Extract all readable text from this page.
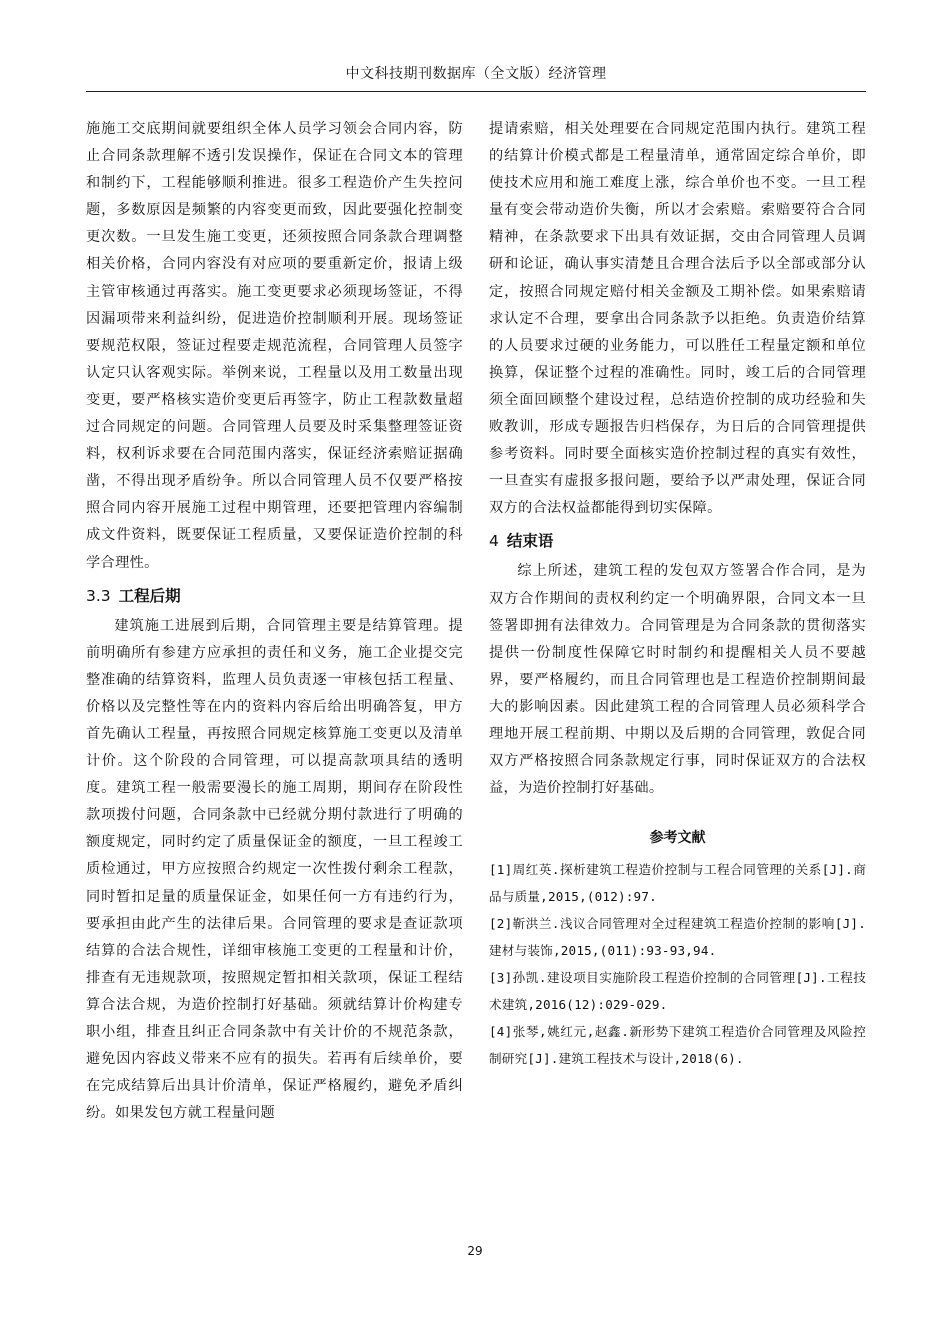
中文科技期刊数据库（全文版）经济管理

施施工交底期间就要组织全体人员学习领会合同内容，防止合同条款理解不透引发误操作，保证在合同文本的管理和制约下，工程能够顺利推进。很多工程造价产生失控问题，多数原因是频繁的内容变更而致，因此要强化控制变更次数。一旦发生施工变更，还须按照合同条款合理调整相关价格，合同内容没有对应项的要重新定价，报请上级主管审核通过再落实。施工变更要求必须现场签证，不得因漏项带来利益纠纷，促进造价控制顺利开展。现场签证要规范权限，签证过程要走规范流程，合同管理人员签字认定只认客观实际。举例来说，工程量以及用工数量出现变更，要严格核实造价变更后再签字，防止工程款数量超过合同规定的问题。合同管理人员要及时采集整理签证资料，权利诉求要在合同范围内落实，保证经济索赔证据确凿，不得出现矛盾纷争。所以合同管理人员不仅要严格按照合同内容开展施工过程中期管理，还要把管理内容编制成文件资料，既要保证工程质量，又要保证造价控制的科学合理性。

3.3 工程后期

建筑施工进展到后期，合同管理主要是结算管理。提前明确所有参建方应承担的责任和义务，施工企业提交完整准确的结算资料，监理人员负责逐一审核包括工程量、价格以及完整性等在内的资料内容后给出明确答复，甲方首先确认工程量，再按照合同规定核算施工变更以及清单计价。这个阶段的合同管理，可以提高款项具结的透明度。建筑工程一般需要漫长的施工周期，期间存在阶段性款项拨付问题，合同条款中已经就分期付款进行了明确的额度规定，同时约定了质量保证金的额度，一旦工程竣工质检通过，甲方应按照合约规定一次性拨付剩余工程款，同时暂扣足量的质量保证金，如果任何一方有违约行为，要承担由此产生的法律后果。合同管理的要求是查证款项结算的合法合规性，详细审核施工变更的工程量和计价，排查有无违规款项，按照规定暂扣相关款项，保证工程结算合法合规，为造价控制打好基础。须就结算计价构建专职小组，排查且纠正合同条款中有关计价的不规范条款，避免因内容歧义带来不应有的损失。若再有后续单价，要在完成结算后出具计价清单，保证严格履约，避免矛盾纠纷。如果发包方就工程量问题

提请索赔，相关处理要在合同规定范围内执行。建筑工程的结算计价模式都是工程量清单，通常固定综合单价，即使技术应用和施工难度上涨，综合单价也不变。一旦工程量有变会带动造价失衡，所以才会索赔。索赔要符合合同精神，在条款要求下出具有效证据，交由合同管理人员调研和论证，确认事实清楚且合理合法后予以全部或部分认定，按照合同规定赔付相关金额及工期补偿。如果索赔请求认定不合理，要拿出合同条款予以拒绝。负责造价结算的人员要求过硬的业务能力，可以胜任工程量定额和单位换算，保证整个过程的准确性。同时，竣工后的合同管理须全面回顾整个建设过程，总结造价控制的成功经验和失败教训，形成专题报告归档保存，为日后的合同管理提供参考资料。同时要全面核实造价控制过程的真实有效性，一旦查实有虚报多报问题，要给予以严肃处理，保证合同双方的合法权益都能得到切实保障。

4 结束语

综上所述，建筑工程的发包双方签署合作合同，是为双方合作期间的责权利约定一个明确界限，合同文本一旦签署即拥有法律效力。合同管理是为合同条款的贯彻落实提供一份制度性保障它时时制约和提醒相关人员不要越界，要严格履约，而且合同管理也是工程造价控制期间最大的影响因素。因此建筑工程的合同管理人员必须科学合理地开展工程前期、中期以及后期的合同管理，敦促合同双方严格按照合同条款规定行事，同时保证双方的合法权益，为造价控制打好基础。

参考文献

[1]周红英.探析建筑工程造价控制与工程合同管理的关系[J].商品与质量,2015,(012):97.

[2]靳洪兰.浅议合同管理对全过程建筑工程造价控制的影响[J].建材与装饰,2015,(011):93-93,94.

[3]孙凯.建设项目实施阶段工程造价控制的合同管理[J].工程技术建筑,2016(12):029-029.

[4]张琴,姚红元,赵鑫.新形势下建筑工程造价合同管理及风险控制研究[J].建筑工程技术与设计,2018(6).

29
